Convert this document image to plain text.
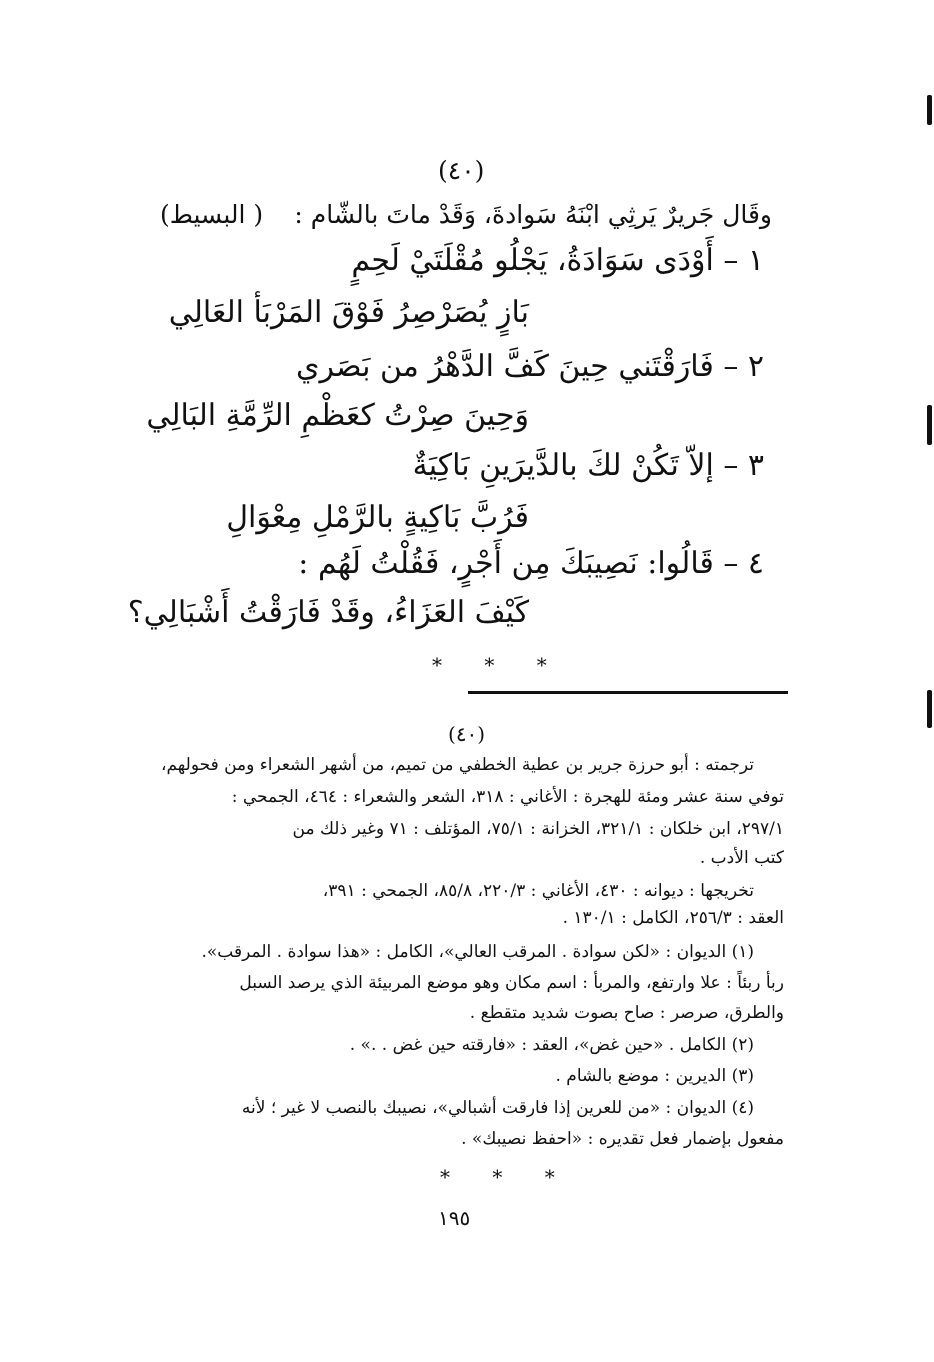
(٤٠)
وقَال جَريرٌ يَرثِي ابْنَهُ سَوادةَ، وَقَدْ ماتَ بالشّام :
( البسيط)
١ – أَوْدَى سَوَادَةُ، يَجْلُو مُقْلَتَيْ لَحِمٍ
بَازٍ يُصَرْصِرُ فَوْقَ المَرْبَأ العَالِي
٢ – فَارَقْتَني حِينَ كَفَّ الدَّهْرُ من بَصَري
وَحِينَ صِرْتُ كعَظْمِ الرِّمَّةِ البَالِي
٣ – إلاّ تَكُنْ لكَ بالدَّيرَينِ بَاكِيَةٌ
فَرُبَّ بَاكِيةٍ بالرَّمْلِ مِعْوَالِ
٤ – قَالُوا: نَصِيبَكَ مِن أَجْرٍ، فَقُلْتُ لَهُم :
كَيْفَ العَزَاءُ، وقَدْ فَارَقْتُ أَشْبَالِي؟
* * *
(٤٠)
ترجمته : أبو حرزة جرير بن عطية الخطفي من تميم، من أشهر الشعراء ومن فحولهم،
توفي سنة عشر ومئة للهجرة : الأغاني : ٣١٨، الشعر والشعراء : ٤٦٤، الجمحي :
٢٩٧/١، ابن خلكان : ٣٢١/١، الخزانة : ٧٥/١، المؤتلف : ٧١ وغير ذلك من
كتب الأدب .
تخريجها : ديوانه : ٤٣٠، الأغاني : ٢٢٠/٣، ٨٥/٨، الجمحي : ٣٩١،
العقد : ٢٥٦/٣، الكامل : ١٣٠/١ .
(١) الديوان : «لكن سوادة . المرقب العالي»، الكامل : «هذا سوادة . المرقب».
ربأ ربئاً : علا وارتفع، والمربأ : اسم مكان وهو موضع المربيئة الذي يرصد السبل
والطرق، صرصر : صاح بصوت شديد متقطع .
(٢) الكامل . «حين غض»، العقد : «فارقته حين غض . .» .
(٣) الديرين : موضع بالشام .
(٤) الديوان : «من للعرين إذا فارقت أشبالي»، نصيبك بالنصب لا غير ؛ لأنه
مفعول بإضمار فعل تقديره : «احفظ نصيبك» .
* * *
١٩٥
